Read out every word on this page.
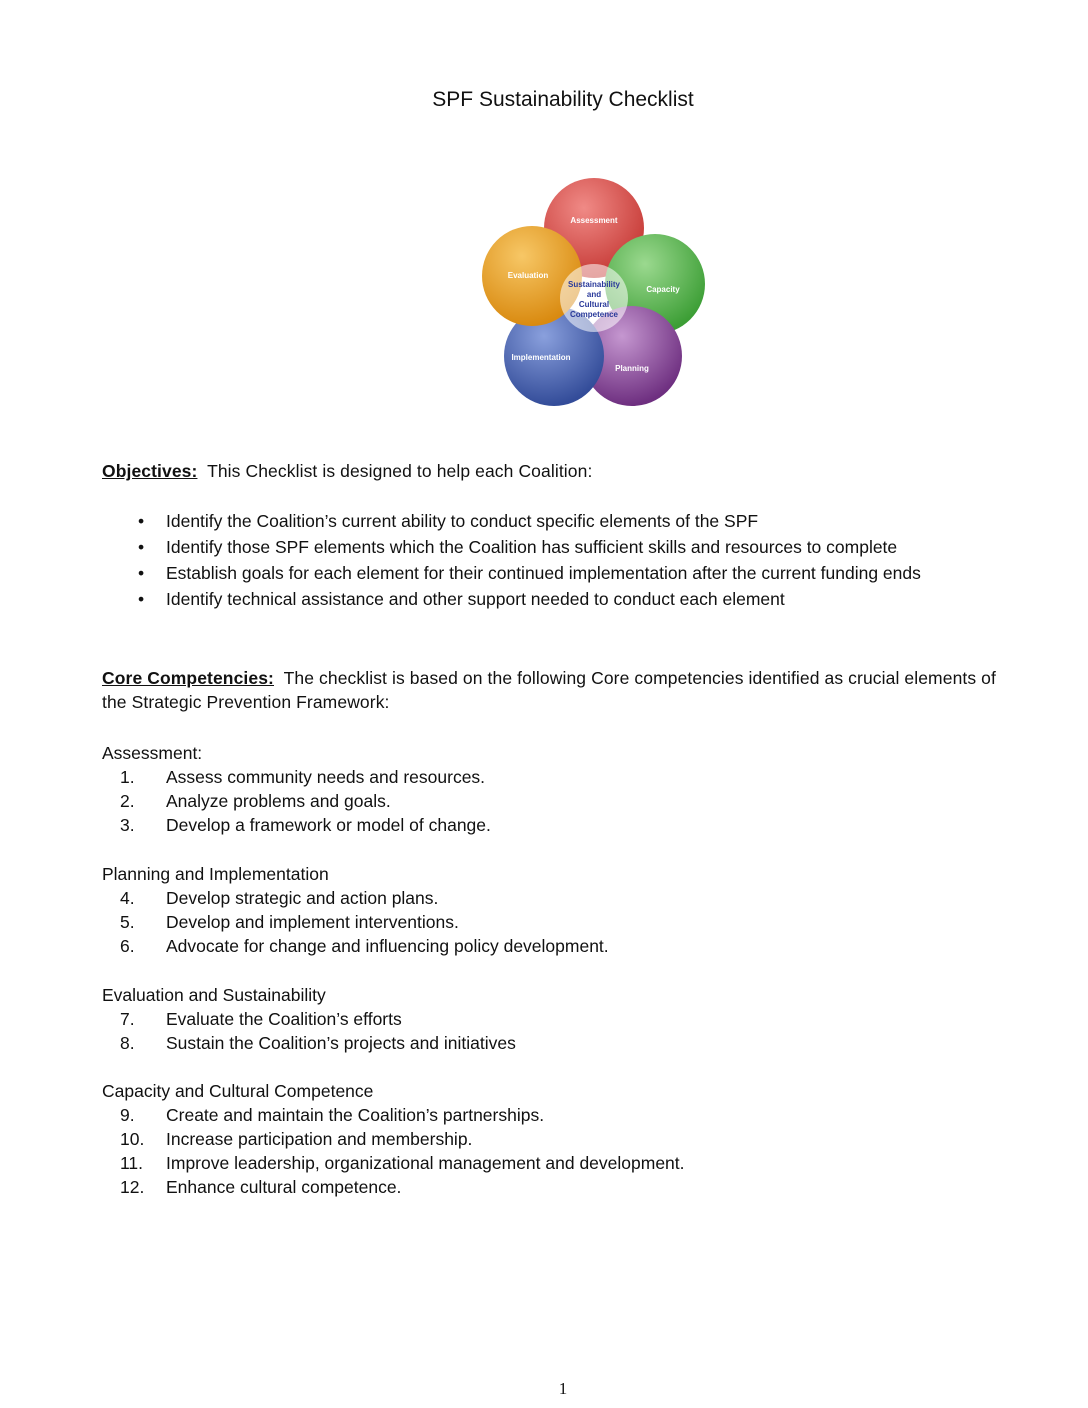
SPF Sustainability Checklist
Assessment
Capacity
Planning
Implementation
Evaluation
Sustainability
and
Cultural
Competence
Objectives: This Checklist is designed to help each Coalition:
•	Identify the Coalition’s current ability to conduct specific elements of the SPF
•	Identify those SPF elements which the Coalition has sufficient skills and resources to complete
•	Establish goals for each element for their continued implementation after the current funding ends
•	Identify technical assistance and other support needed to conduct each element
Core Competencies: The checklist is based on the following Core competencies identified as crucial elements of the Strategic Prevention Framework:
Assessment:
1.	Assess community needs and resources.
2.	Analyze problems and goals.
3.	Develop a framework or model of change.
Planning and Implementation
4.	Develop strategic and action plans.
5.	Develop and implement interventions.
6.	Advocate for change and influencing policy development.
Evaluation and Sustainability
7.	Evaluate the Coalition’s efforts
8.	Sustain the Coalition’s projects and initiatives
Capacity and Cultural Competence
9.	Create and maintain the Coalition’s partnerships.
10.	Increase participation and membership.
11.	Improve leadership, organizational management and development.
12.	Enhance cultural competence.
1
